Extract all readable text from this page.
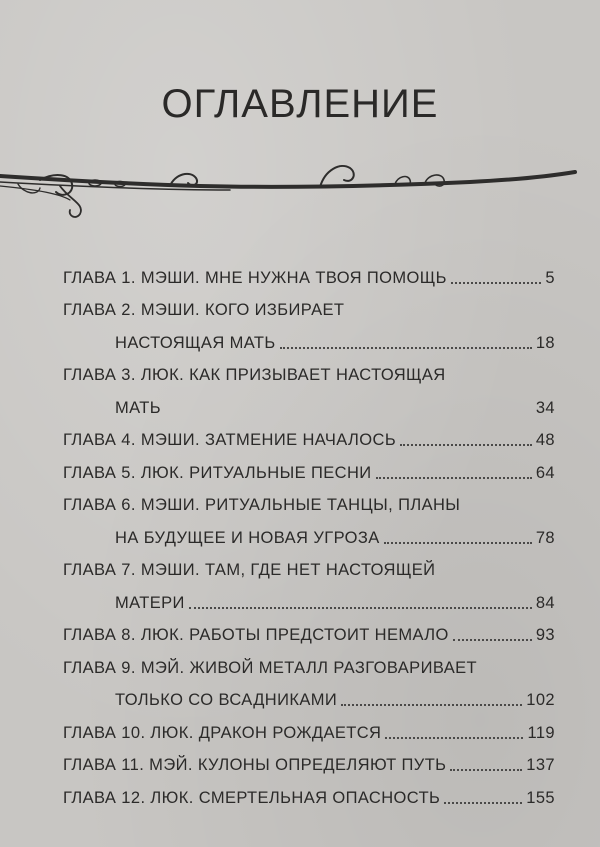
ОГЛАВЛЕНИЕ
ГЛАВА 1. МЭШИ. МНЕ НУЖНА ТВОЯ ПОМОЩЬ	5
ГЛАВА 2. МЭШИ. КОГО ИЗБИРАЕТ
НАСТОЯЩАЯ МАТЬ	18
ГЛАВА 3. ЛЮК. КАК ПРИЗЫВАЕТ НАСТОЯЩАЯ
МАТЬ	34
ГЛАВА 4. МЭШИ. ЗАТМЕНИЕ НАЧАЛОСЬ	48
ГЛАВА 5. ЛЮК. РИТУАЛЬНЫЕ ПЕСНИ	64
ГЛАВА 6. МЭШИ. РИТУАЛЬНЫЕ ТАНЦЫ, ПЛАНЫ
НА БУДУЩЕЕ И НОВАЯ УГРОЗА	78
ГЛАВА 7. МЭШИ. ТАМ, ГДЕ НЕТ НАСТОЯЩЕЙ
МАТЕРИ	84
ГЛАВА 8. ЛЮК. РАБОТЫ ПРЕДСТОИТ НЕМАЛО	93
ГЛАВА 9. МЭЙ. ЖИВОЙ МЕТАЛЛ РАЗГОВАРИВАЕТ
ТОЛЬКО СО ВСАДНИКАМИ	102
ГЛАВА 10. ЛЮК. ДРАКОН РОЖДАЕТСЯ	119
ГЛАВА 11. МЭЙ. КУЛОНЫ ОПРЕДЕЛЯЮТ ПУТЬ	137
ГЛАВА 12. ЛЮК. СМЕРТЕЛЬНАЯ ОПАСНОСТЬ	155
